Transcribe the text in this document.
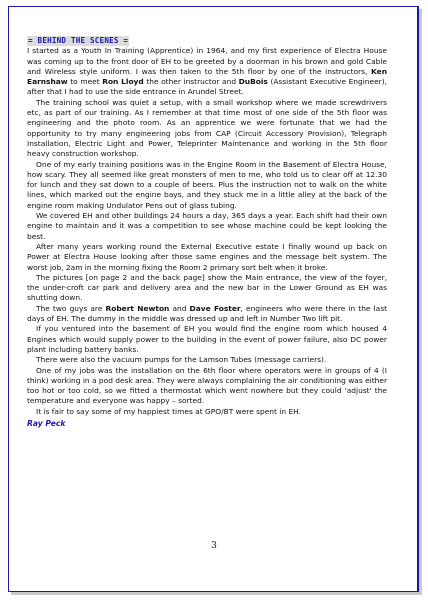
= BEHIND THE SCENES =

I started as a Youth In Training (Apprentice) in 1964, and my first experience of Electra House was coming up to the front door of EH to be greeted by a doorman in his brown and gold Cable and Wireless style uniform. I was then taken to the 5th floor by one of the instructors, Ken Earnshaw to meet Ron Lloyd the other instructor and DuBois (Assistant Executive Engineer), after that I had to use the side entrance in Arundel Street.

The training school was quiet a setup, with a small workshop where we made screwdrivers etc, as part of our training. As I remember at that time most of one side of the 5th floor was engineering and the photo room. As an apprentice we were fortunate that we had the opportunity to try many engineering jobs from CAP (Circuit Accessory Provision), Telegraph Installation, Electric Light and Power, Teleprinter Maintenance and working in the 5th floor heavy construction workshop.

One of my early training positions was in the Engine Room in the Basement of Electra House, how scary. They all seemed like great monsters of men to me, who told us to clear off at 12.30 for lunch and they sat down to a couple of beers. Plus the instruction not to walk on the white lines, which marked out the engine bays, and they stuck me in a little alley at the back of the engine room making Undulator Pens out of glass tubing.

We covered EH and other buildings 24 hours a day, 365 days a year. Each shift had their own engine to maintain and it was a competition to see whose machine could be kept looking the best.

After many years working round the External Executive estate I finally wound up back on Power at Electra House looking after those same engines and the message belt system. The worst job, 2am in the morning fixing the Room 2 primary sort belt when it broke.

The pictures [on page 2 and the back page] show the Main entrance, the view of the foyer, the under-croft car park and delivery area and the new bar in the Lower Ground as EH was shutting down.

The two guys are Robert Newton and Dave Foster, engineers who were there in the last days of EH. The dummy in the middle was dressed up and left in Number Two lift pit.

If you ventured into the basement of EH you would find the engine room which housed 4 Engines which would supply power to the building in the event of power failure, also DC power plant including battery banks.

There were also the vacuum pumps for the Lamson Tubes (message carriers).

One of my jobs was the installation on the 6th floor where operators were in groups of 4 (I think) working in a pod desk area. They were always complaining the air conditioning was either too hot or too cold, so we fitted a thermostat which went nowhere but they could 'adjust' the temperature and everyone was happy – sorted.

It is fair to say some of my happiest times at GPO/BT were spent in EH.

Ray Peck
3
